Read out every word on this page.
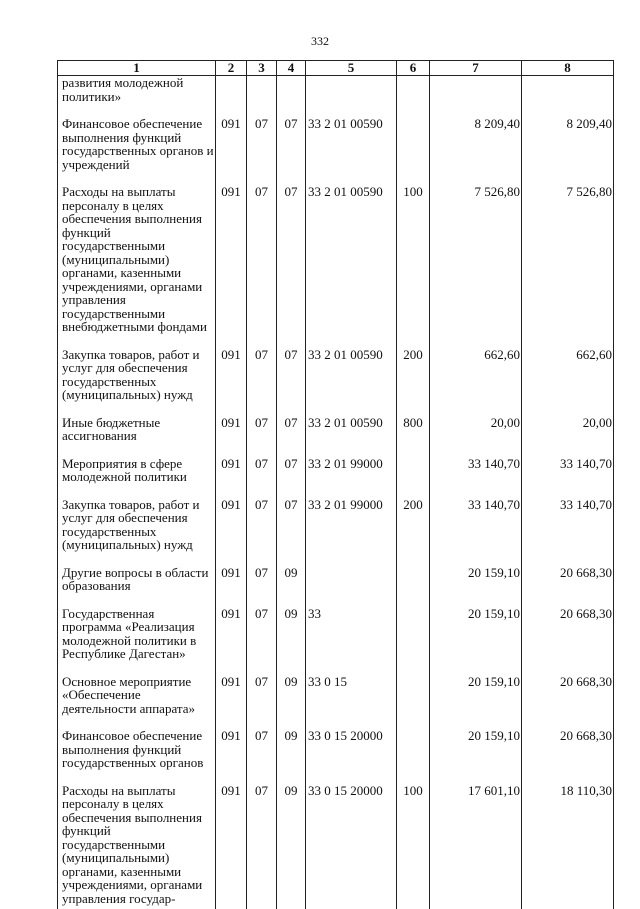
332
1	2	3	4	5	6	7	8
развития молодежной политики»							
Финансовое обеспечение выполнения функций государственных органов и учреждений	091	07	07	33 2 01 00590		8 209,40	8 209,40
Расходы на выплаты персоналу в целях обеспечения выполнения функций государственными (муниципальными) органами, казенными учреждениями, органами управления государственными внебюджетными фондами	091	07	07	33 2 01 00590	100	7 526,80	7 526,80
Закупка товаров, работ и услуг для обеспечения государственных (муниципальных) нужд	091	07	07	33 2 01 00590	200	662,60	662,60
Иные бюджетные ассигнования	091	07	07	33 2 01 00590	800	20,00	20,00
Мероприятия в сфере молодежной политики	091	07	07	33 2 01 99000		33 140,70	33 140,70
Закупка товаров, работ и услуг для обеспечения государственных (муниципальных) нужд	091	07	07	33 2 01 99000	200	33 140,70	33 140,70
Другие вопросы в области образования	091	07	09			20 159,10	20 668,30
Государственная программа «Реализация молодежной политики в Республике Дагестан»	091	07	09	33		20 159,10	20 668,30
Основное мероприятие «Обеспечение деятельности аппарата»	091	07	09	33 0 15		20 159,10	20 668,30
Финансовое обеспечение выполнения функций государственных органов	091	07	09	33 0 15 20000		20 159,10	20 668,30
Расходы на выплаты персоналу в целях обеспечения выполнения функций государственными (муниципальными) органами, казенными учреждениями, органами управления государ-	091	07	09	33 0 15 20000	100	17 601,10	18 110,30
